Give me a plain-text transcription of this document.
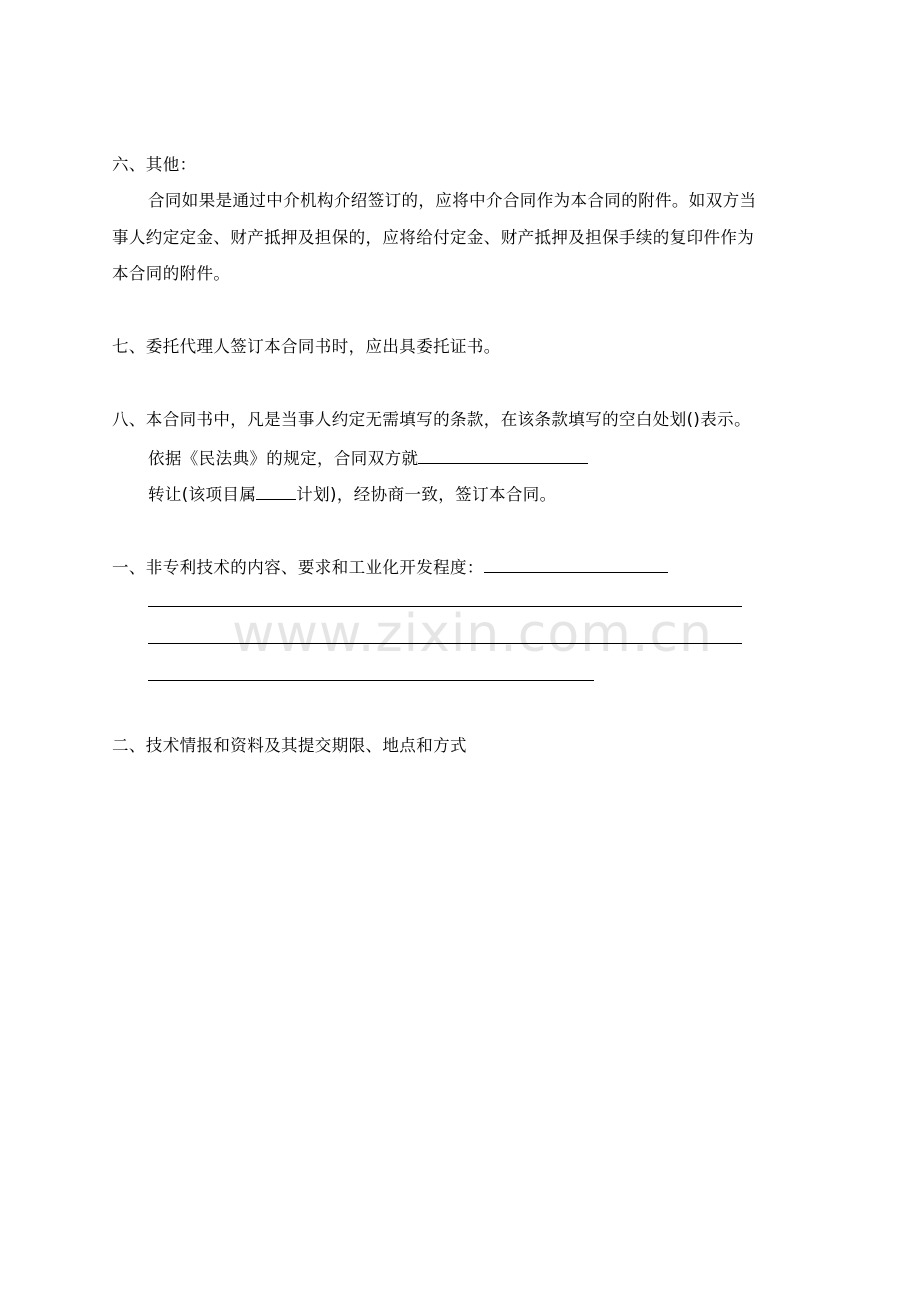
六、其他：
合同如果是通过中介机构介绍签订的，应将中介合同作为本合同的附件。如双方当
事人约定定金、财产抵押及担保的，应将给付定金、财产抵押及担保手续的复印件作为
本合同的附件。
七、委托代理人签订本合同书时，应出具委托证书。
八、本合同书中，凡是当事人约定无需填写的条款，在该条款填写的空白处划()表示。
依据《民法典》的规定，合同双方就
转让(该项目属 计划)，经协商一致，签订本合同。
一、非专利技术的内容、要求和工业化开发程度：
二、技术情报和资料及其提交期限、地点和方式
www.zixin.com.cn
